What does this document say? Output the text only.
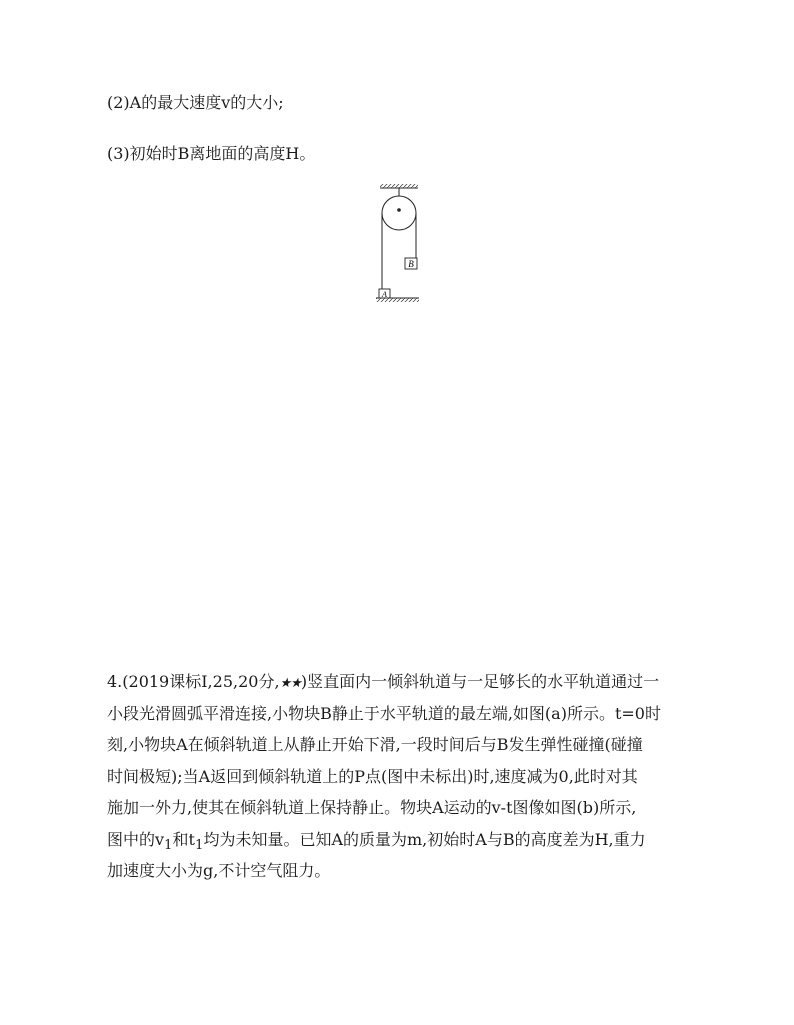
(2)A的最大速度v的大小;
(3)初始时B离地面的高度H。
B
A
4.(2019课标Ⅰ,25,20分,★★)竖直面内一倾斜轨道与一足够长的水平轨道通过一
小段光滑圆弧平滑连接,小物块B静止于水平轨道的最左端,如图(a)所示。t=0时
刻,小物块A在倾斜轨道上从静止开始下滑,一段时间后与B发生弹性碰撞(碰撞
时间极短);当A返回到倾斜轨道上的P点(图中未标出)时,速度减为0,此时对其
施加一外力,使其在倾斜轨道上保持静止。物块A运动的v-t图像如图(b)所示,
图中的$v_1$和$t_1$均为未知量。已知A的质量为m,初始时A与B的高度差为H,重力
加速度大小为g,不计空气阻力。
